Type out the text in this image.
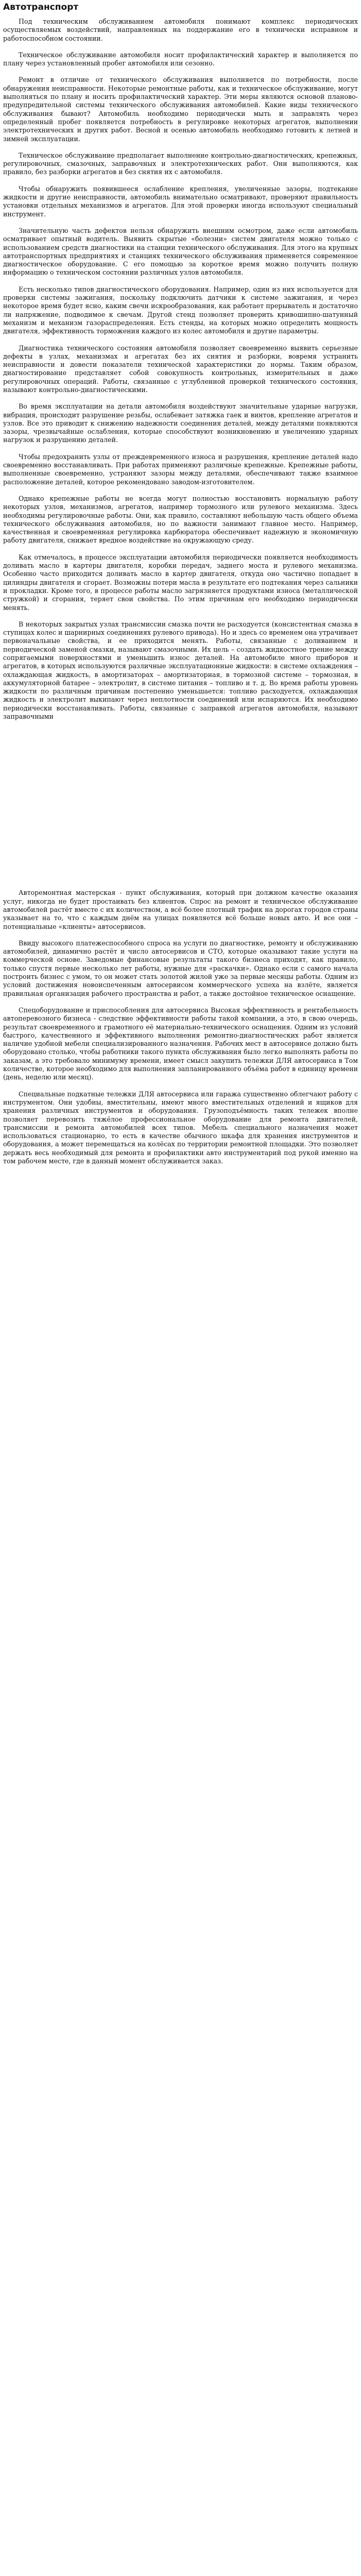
Автотранспорт

Под техническим обслуживанием автомобиля понимают комплекс периодических осуществляемых воздействий, направленных на поддержание его в технически исправном и работоспособном состоянии.

Техническое обслуживание автомобиля носит профилактический характер и выполняется по плану через установленный пробег автомобиля или сезонно.

Ремонт в отличие от технического обслуживания выполняется по потребности, после обнаружения неисправности. Некоторые ремонтные работы, как и техническое обслуживание, могут выполняться по плану и носить профилактический характер. Эти меры являются основой планово-предупредительной системы технического обслуживания автомобилей. Какие виды технического обслуживания бывают? Автомобиль необходимо периодически мыть и заправлять через определенный пробег появляется потребность в регулировке некоторых агрегатов, выполнении электротехнических и других работ. Весной и осенью автомобиль необходимо готовить к летней и зимней эксплуатации.

Техническое обслуживание предполагает выполнение контрольно-диагностических, крепежных, регулировочных, смазочных, заправочных и электротехнических работ. Они выполняются, как правило, без разборки агрегатов и без снятия их с автомобиля.

Чтобы обнаружить появившееся ослабление крепления, увеличенные зазоры, подтекание жидкости и другие неисправности, автомобиль внимательно осматривают, проверяют правильность установки отдельных механизмов и агрегатов. Для этой проверки иногда используют специальный инструмент.

Значительную часть дефектов нельзя обнаружить внешним осмотром, даже если автомобиль осматривает опытный водитель. Выявить скрытые «болезни» систем двигателя можно только с использованием средств диагностики на станции технического обслуживания. Для этого на крупных автотранспортных предприятиях и станциях технического обслуживания применяется современное диагностическое оборудование. С его помощью за короткое время можно получить полную информацию о техническом состоянии различных узлов автомобиля.

Есть несколько типов диагностического оборудования. Например, один из них используется для проверки системы зажигания, поскольку подключить датчики к системе зажигания, и через некоторое время будет ясно, каким свечи искрообразования, как работает прерыватель и достаточно ли напряжение, подводимое к свечам. Другой стенд позволяет проверить кривошипно-шатунный механизм и механизм газораспределения. Есть стенды, на которых можно определить мощность двигателя, эффективность торможения каждого из колес автомобиля и другие параметры.

Диагностика технического состояния автомобиля позволяет своевременно выявить серьезные дефекты в узлах, механизмах и агрегатах без их снятия и разборки, вовремя устранить неисправности и довести показатели технической характеристики до нормы. Таким образом, диагностирование представляет собой совокупность контрольных, измерительных и даже регулировочных операций. Работы, связанные с углубленной проверкой технического состояния, называют контрольно-диагностическими.

Во время эксплуатации на детали автомобиля воздействуют значительные ударные нагрузки, вибрация, происходит разрушение резьбы, ослабевает затяжка гаек и винтов, крепление агрегатов и узлов. Все это приводит к снижению надежности соединения деталей, между деталями появляются зазоры, чрезвычайные ослабления, которые способствуют возникновению и увеличению ударных нагрузок и разрушению деталей.

Чтобы предохранить узлы от преждевременного износа и разрушения, крепление деталей надо своевременно восстанавливать. При работах применяют различные крепежные. Крепежные работы, выполненные своевременно, устраняют зазоры между деталями, обеспечивают также взаимное расположение деталей, которое рекомендовано заводом-изготовителем.

Однако крепежные работы не всегда могут полностью восстановить нормальную работу некоторых узлов, механизмов, агрегатов, например тормозного или рулевого механизма. Здесь необходимы регулировочные работы. Они, как правило, составляют небольшую часть общего объема технического обслуживания автомобиля, но по важности занимают главное место. Например, качественная и своевременная регулировка карбюратора обеспечивает надежную и экономичную работу двигателя, снижает вредное воздействие на окружающую среду.

Как отмечалось, в процессе эксплуатации автомобиля периодически появляется необходимость доливать масло в картеры двигателя, коробки передач, заднего моста и рулевого механизма. Особенно часто приходится доливать масло в картер двигателя, откуда оно частично попадает в цилиндры двигателя и сгорает. Возможны потери масла в результате его подтекания через сальники и прокладки. Кроме того, в процессе работы масло загрязняется продуктами износа (металлической стружкой) и сгорания, теряет свои свойства. По этим причинам его необходимо периодически менять.

В некоторых закрытых узлах трансмиссии смазка почти не расходуется (консистентная смазка в ступицах колес и шарнирных соединениях рулевого привода). Но и здесь со временем она утрачивает первоначальные свойства, и ее приходится менять. Работы, связанные с доливанием и периодической заменой смазки, называют смазочными. Их цель – создать жидкостное трение между сопрягаемыми поверхностями и уменьшить износ деталей. На автомобиле много приборов и агрегатов, в которых используются различные эксплуатационные жидкости: в системе охлаждения – охлаждающая жидкость, в амортизаторах – амортизаторная, в тормозной системе – тормозная, в аккумуляторной батарее – электролит, в системе питания – топливо и т. д. Во время работы уровень жидкости по различным причинам постепенно уменьшается: топливо расходуется, охлаждающая жидкость и электролит выкипают через неплотности соединений или испаряются. Их необходимо периодически восстанавливать. Работы, связанные с заправкой агрегатов автомобиля, называют заправочными

Авторемонтная мастерская - пункт обслуживания, который при должном качестве оказания услуг, никогда не будет простаивать без клиентов. Спрос на ремонт и техническое обслуживание автомобилей растёт вместе с их количеством, а всё более плотный трафик на дорогах городов страны указывает на то, что с каждым днём на улицах появляется всё больше новых авто. И все они – потенциальные «клиенты» автосервисов.

Ввиду высокого платежеспособного спроса на услуги по диагностике, ремонту и обслуживанию автомобилей, динамично растёт и число автосервисов и СТО, которые оказывают такие услуги на коммерческой основе. Заведомые финансовые результаты такого бизнеса приходят, как правило, только спустя первые несколько лет работы, нужные для «раскачки». Однако если с самого начала построить бизнес с умом, то он может стать золотой жилой уже за первые месяцы работы. Одним из условий достижения новоиспеченным автосервисом коммерческого успеха на взлёте, является правильная организация рабочего пространства и работ, а также достойное техническое оснащение.

Спецоборудование и приспособления для автосервиса Высокая эффективность и рентабельность автоперевозного бизнеса - следствие эффективности работы такой компании, а это, в свою очередь, результат своевременного и грамотного её материально-технического оснащения. Одним из условий быстрого, качественного и эффективного выполнения ремонтно-диагностических работ является наличие удобной мебели специализированного назначения. Рабочих мест в автосервисе должно быть оборудовано столько, чтобы работники такого пункта обслуживания было легко выполнять работы по заказам, а это требовало минимуму времени, имеет смысл закупить тележки ДЛЯ автосервиса в Том количестве, которое необходимо для выполнения запланированного объёма работ в единицу времени (день, неделю или месяц).

Специальные подкатные тележки ДЛЯ автосервиса или гаража существенно облегчают работу с инструментом. Они удобны, вместительны, имеют много вместительных отделений и ящиков для хранения различных инструментов и оборудования. Грузоподъёмность таких тележек вполне позволяет перевозить тяжёлое профессиональное оборудование для ремонта двигателей, трансмиссии и ремонта автомобилей всех типов. Мебель специального назначения может использоваться стационарно, то есть в качестве обычного шкафа для хранения инструментов и оборудования, а может перемещаться на колёсах по территории ремонтной площадки. Это позволяет держать весь необходимый для ремонта и профилактики авто инструментарий под рукой именно на том рабочем месте, где в данный момент обслуживается заказ.
